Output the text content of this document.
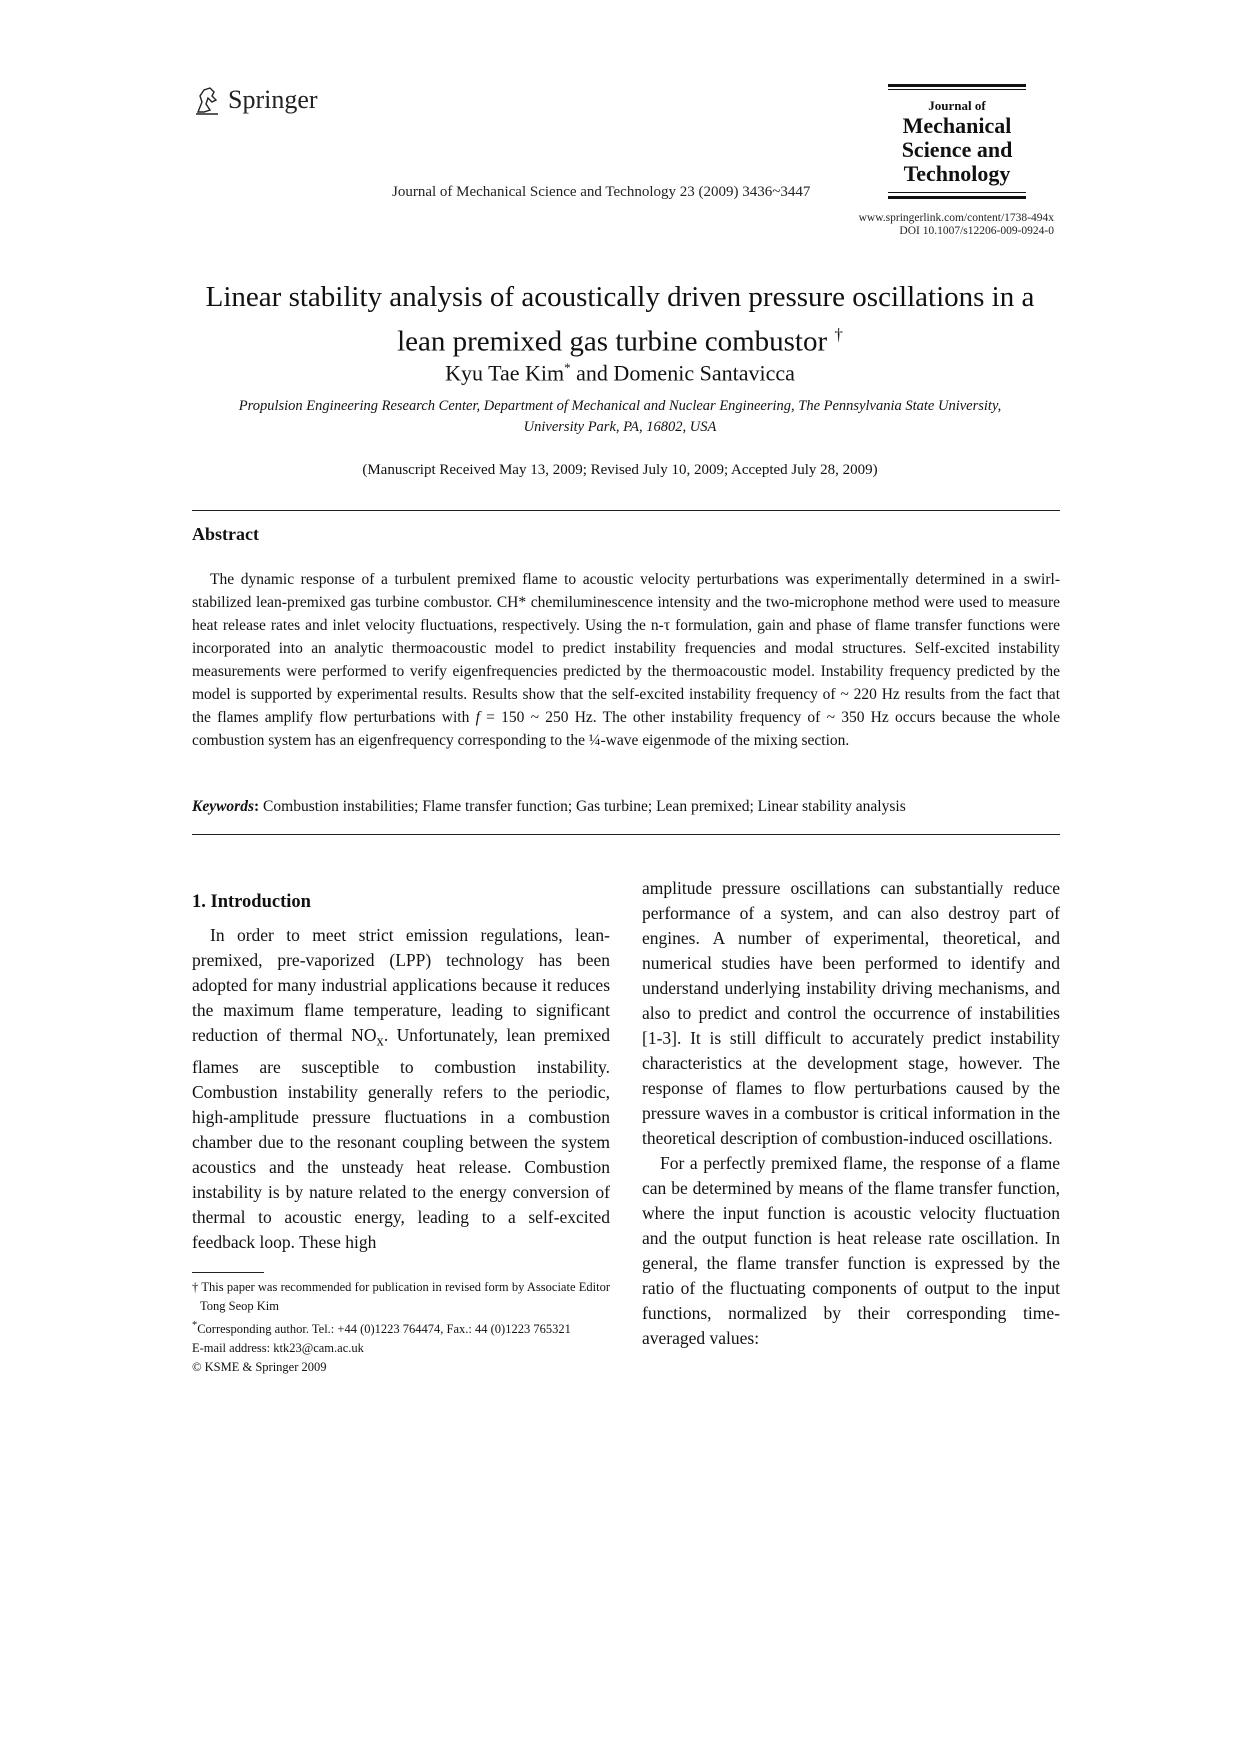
Springer
Journal of Mechanical Science and Technology 23 (2009) 3436~3447
Journal of
Mechanical
Science and
Technology
www.springerlink.com/content/1738-494x
DOI 10.1007/s12206-009-0924-0
Linear stability analysis of acoustically driven pressure oscillations in a
lean premixed gas turbine combustor †
Kyu Tae Kim* and Domenic Santavicca
Propulsion Engineering Research Center, Department of Mechanical and Nuclear Engineering, The Pennsylvania State University,
University Park, PA, 16802, USA
(Manuscript Received May 13, 2009; Revised July 10, 2009; Accepted July 28, 2009)
Abstract
The dynamic response of a turbulent premixed flame to acoustic velocity perturbations was experimentally determined in a swirl-stabilized lean-premixed gas turbine combustor. CH* chemiluminescence intensity and the two-microphone method were used to measure heat release rates and inlet velocity fluctuations, respectively. Using the n-τ formulation, gain and phase of flame transfer functions were incorporated into an analytic thermoacoustic model to predict instability frequencies and modal structures. Self-excited instability measurements were performed to verify eigenfrequencies predicted by the thermoacoustic model. Instability frequency predicted by the model is supported by experimental results. Results show that the self-excited instability frequency of ~ 220 Hz results from the fact that the flames amplify flow perturbations with f = 150 ~ 250 Hz. The other instability frequency of ~ 350 Hz occurs because the whole combustion system has an eigenfrequency corresponding to the ¼-wave eigenmode of the mixing section.
Keywords: Combustion instabilities; Flame transfer function; Gas turbine; Lean premixed; Linear stability analysis
1. Introduction

In order to meet strict emission regulations, lean-premixed, pre-vaporized (LPP) technology has been adopted for many industrial applications because it reduces the maximum flame temperature, leading to significant reduction of thermal $NO_x$. Unfortunately, lean premixed flames are susceptible to combustion instability. Combustion instability generally refers to the periodic, high-amplitude pressure fluctuations in a combustion chamber due to the resonant coupling between the system acoustics and the unsteady heat release. Combustion instability is by nature related to the energy conversion of thermal to acoustic energy, leading to a self-excited feedback loop. These high

amplitude pressure oscillations can substantially reduce performance of a system, and can also destroy part of engines. A number of experimental, theoretical, and numerical studies have been performed to identify and understand underlying instability driving mechanisms, and also to predict and control the occurrence of instabilities [1-3]. It is still difficult to accurately predict instability characteristics at the development stage, however. The response of flames to flow perturbations caused by the pressure waves in a combustor is critical information in the theoretical description of combustion-induced oscillations.

For a perfectly premixed flame, the response of a flame can be determined by means of the flame transfer function, where the input function is acoustic velocity fluctuation and the output function is heat release rate oscillation. In general, the flame transfer function is expressed by the ratio of the fluctuating components of output to the input functions, normalized by their corresponding time-averaged values:

† This paper was recommended for publication in revised form by Associate Editor Tong Seop Kim
*Corresponding author. Tel.: +44 (0)1223 764474, Fax.: 44 (0)1223 765321
E-mail address: ktk23@cam.ac.uk
© KSME & Springer 2009
